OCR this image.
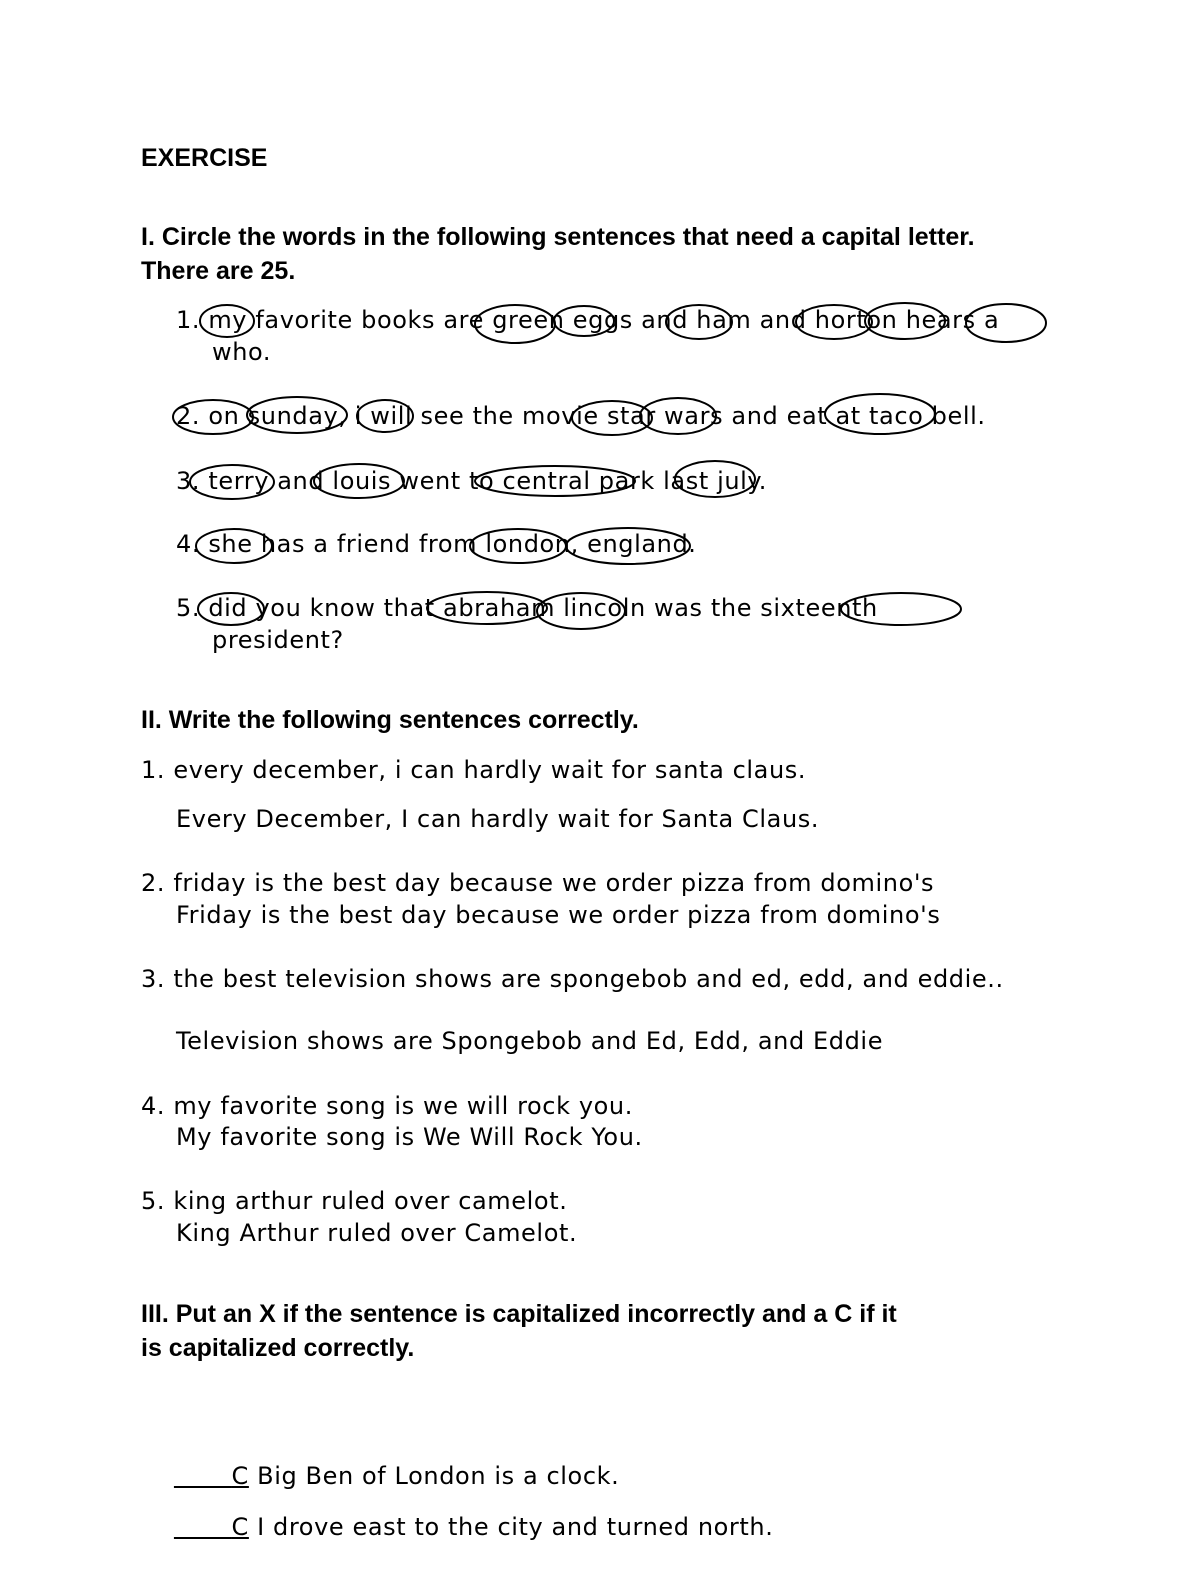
EXERCISE
I. Circle the words in the following sentences that need a capital letter.
There are 25.
1. my favorite books are green eggs and ham and horton hears a
who.
2. on sunday, i will see the movie star wars and eat at taco bell.
3. terry and louis went to central park last july.
4. she has a friend from london, england.
5. did you know that abraham lincoln was the sixteenth
president?
II. Write the following sentences correctly.
1. every december, i can hardly wait for santa claus.
Every December, I can hardly wait for Santa Claus.
2. friday is the best day because we order pizza from domino's
Friday is the best day because we order pizza from domino's
3. the best television shows are spongebob and ed, edd, and eddie..
Television shows are Spongebob and Ed, Edd, and Eddie
4. my favorite song is we will rock you.
My favorite song is We Will Rock You.
5. king arthur ruled over camelot.
King Arthur ruled over Camelot.
III. Put an X if the sentence is capitalized incorrectly and a C if it
is capitalized correctly.

C Big Ben of London is a clock.

C I drove east to the city and turned north.
